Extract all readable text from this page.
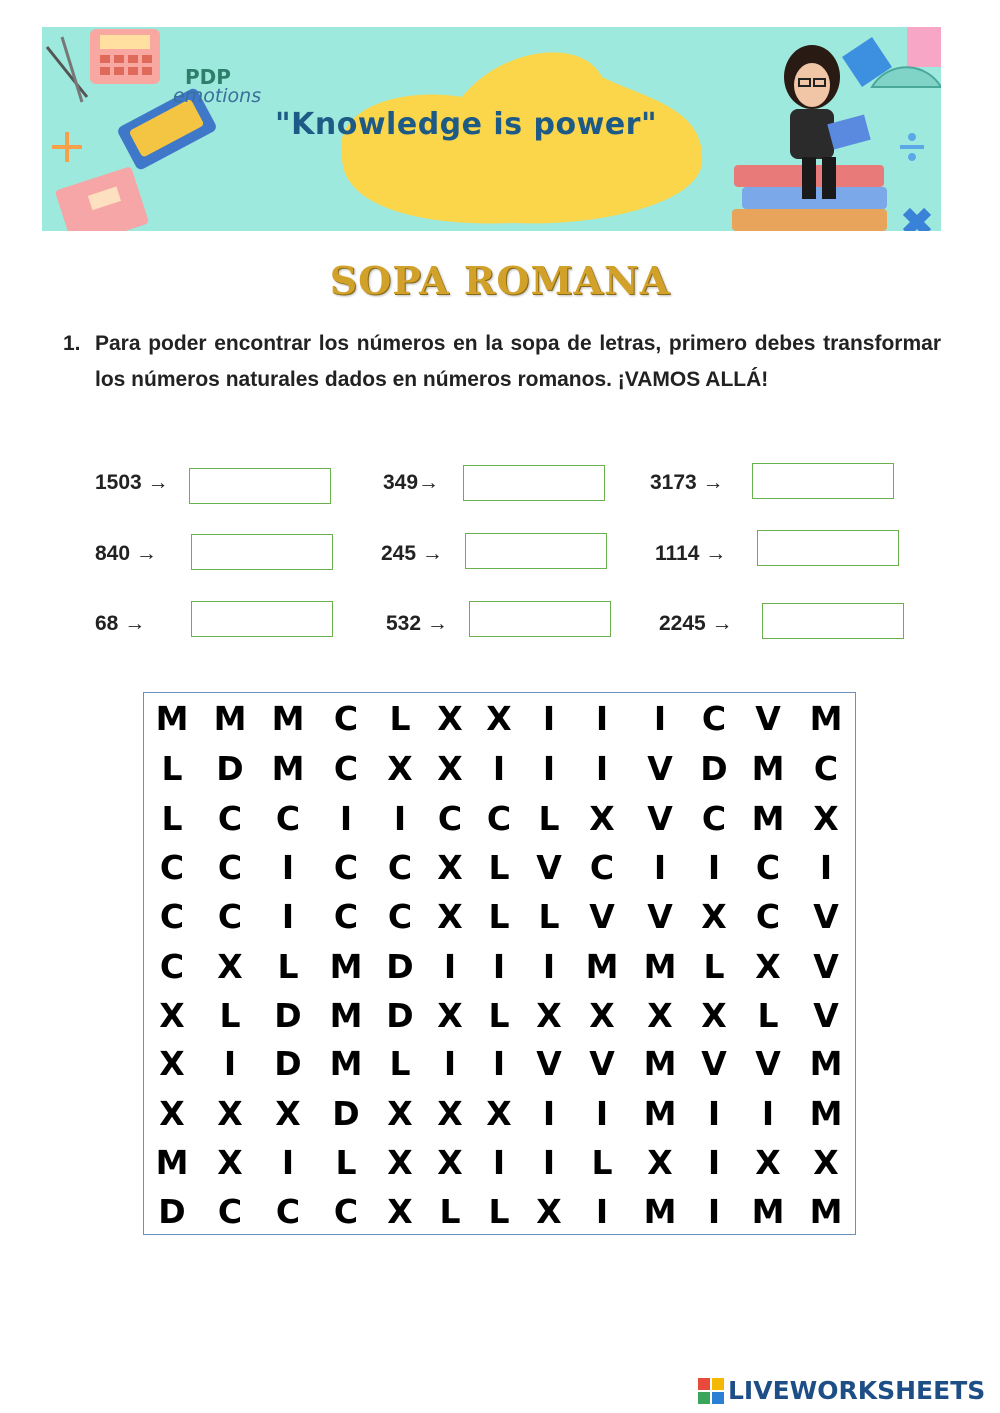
PDP
emotions
"Knowledge is power"
SOPA ROMANA
1. Para poder encontrar los números en la sopa de letras, primero debes transformar los números naturales dados en números romanos. ¡VAMOS ALLÁ!
1503 →	349→	3173 →
840 →	245 →	1114 →
68 →	532 →	2245 →
M M M C L X X I	I	I	C V M
L	D M C X X I	I	I	V D M C
L	C	C	I	I C C L X V C M X
C	C	I	C C X L V C	I	I	C	I
C	C	I	C C X L L V V X C	V
C	X	L M D I	I	I M M L X V
X	L	D M D X L X X X X L	V
X	I	D M L	I	I V V M V V M
X X X D X X X I	I	M I	I	M
M X	I	L X X I	I	L	X	I	X X
D C	C	C X L L X	I	M I M M
LIVEWORKSHEETS
